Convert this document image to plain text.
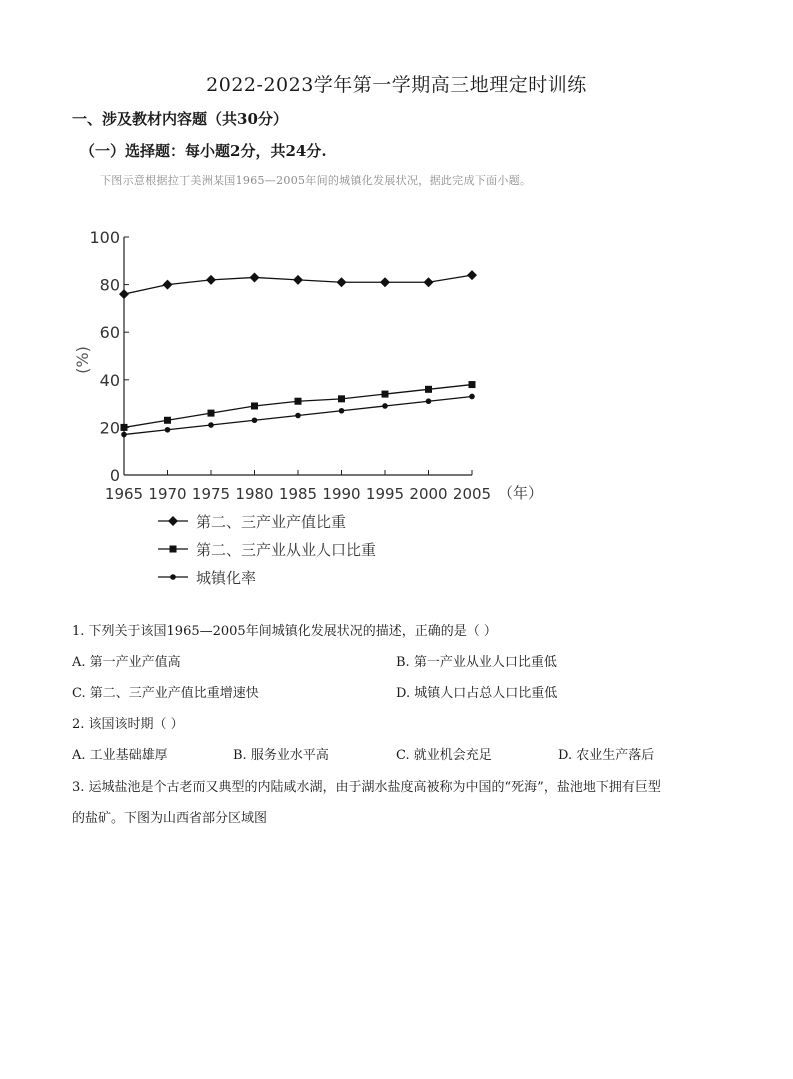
2022-2023学年第一学期高三地理定时训练
一、涉及教材内容题（共30分）
（一）选择题：每小题2分，共24分.
下图示意根据拉丁美洲某国1965—2005年间的城镇化发展状况，据此完成下面小题。
0
20
40
60
80
100
1965 1970 1975 1980 1985 1990 1995 2000 2005
(%)
（年）
第二、三产业产值比重
第二、三产业从业人口比重
城镇化率
1. 下列关于该国1965—2005年间城镇化发展状况的描述，正确的是（ ）
A. 第一产业产值高	B. 第一产业从业人口比重低
C. 第二、三产业产值比重增速快	D. 城镇人口占总人口比重低
2. 该国该时期（ ）
A. 工业基础雄厚	B. 服务业水平高	C. 就业机会充足	D. 农业生产落后
3. 运城盐池是个古老而又典型的内陆咸水湖，由于湖水盐度高被称为中国的“死海”，盐池地下拥有巨型
的盐矿。下图为山西省部分区域图
